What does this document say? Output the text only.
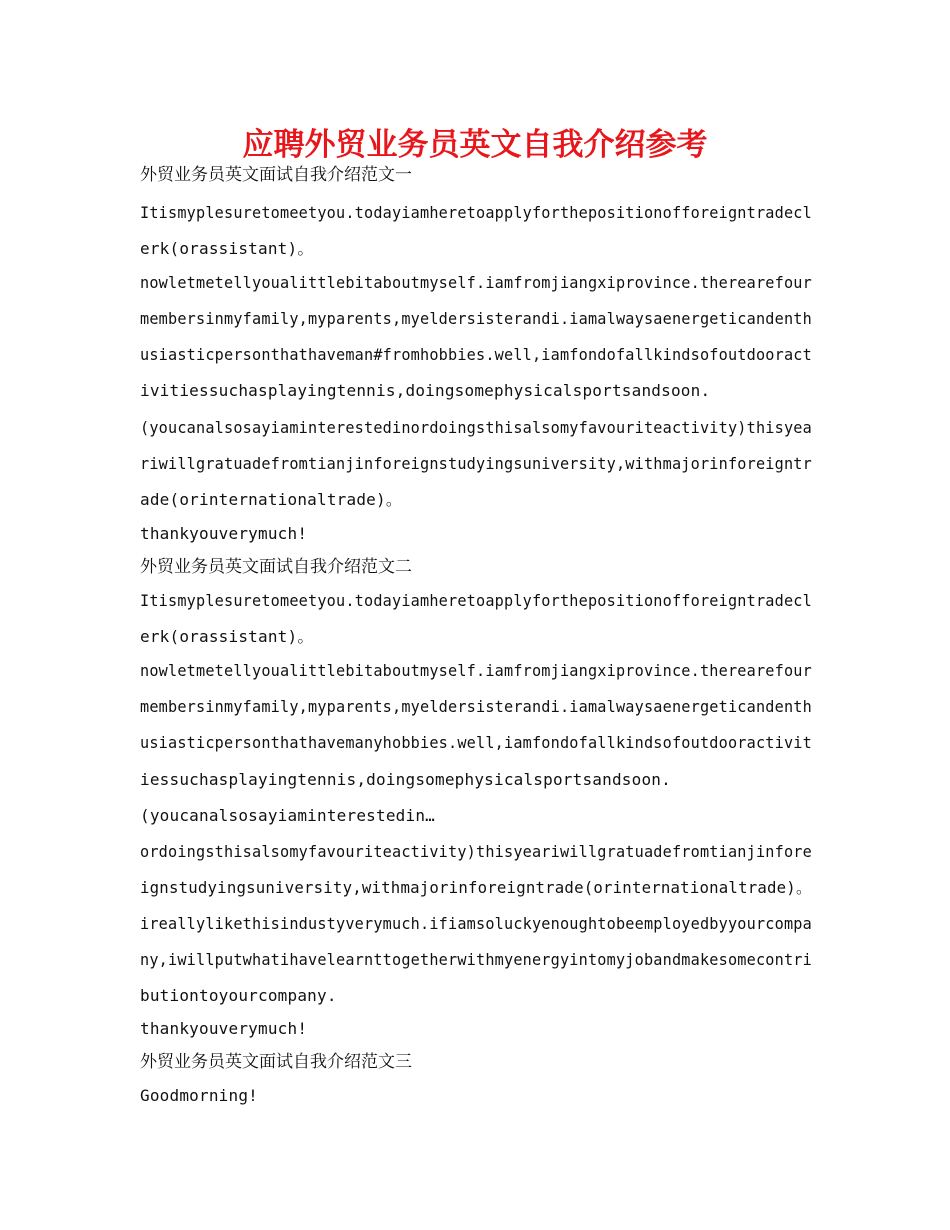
应聘外贸业务员英文自我介绍参考
外贸业务员英文面试自我介绍范文一
Itismyplesuretomeetyou.todayiamheretoapplyforthepositionofforeigntradecl
erk(orassistant)。
nowletmetellyoualittlebitaboutmyself.iamfromjiangxiprovince.therearefour
membersinmyfamily,myparents,myeldersisterandi.iamalwaysaenergeticandenth
usiasticpersonthathaveman#fromhobbies.well,iamfondofallkindsofoutdooract
ivitiessuchasplayingtennis,doingsomephysicalsportsandsoon.
(youcanalsosayiaminterestedinordoingsthisalsomyfavouriteactivity)thisyea
riwillgratuadefromtianjinforeignstudyingsuniversity,withmajorinforeigntr
ade(orinternationaltrade)。
thankyouverymuch!
外贸业务员英文面试自我介绍范文二
Itismyplesuretomeetyou.todayiamheretoapplyforthepositionofforeigntradecl
erk(orassistant)。
nowletmetellyoualittlebitaboutmyself.iamfromjiangxiprovince.therearefour
membersinmyfamily,myparents,myeldersisterandi.iamalwaysaenergeticandenth
usiasticpersonthathavemanyhobbies.well,iamfondofallkindsofoutdooractivit
iessuchasplayingtennis,doingsomephysicalsportsandsoon.
(youcanalsosayiaminterestedin…
ordoingsthisalsomyfavouriteactivity)thisyeariwillgratuadefromtianjinfore
ignstudyingsuniversity,withmajorinforeigntrade(orinternationaltrade)。
ireallylikethisindustyverymuch.ifiamsoluckyenoughtobeemployedbyyourcompa
ny,iwillputwhatihavelearnttogetherwithmyenergyintomyjobandmakesomecontri
butiontoyourcompany.
thankyouverymuch!
外贸业务员英文面试自我介绍范文三
Goodmorning!
